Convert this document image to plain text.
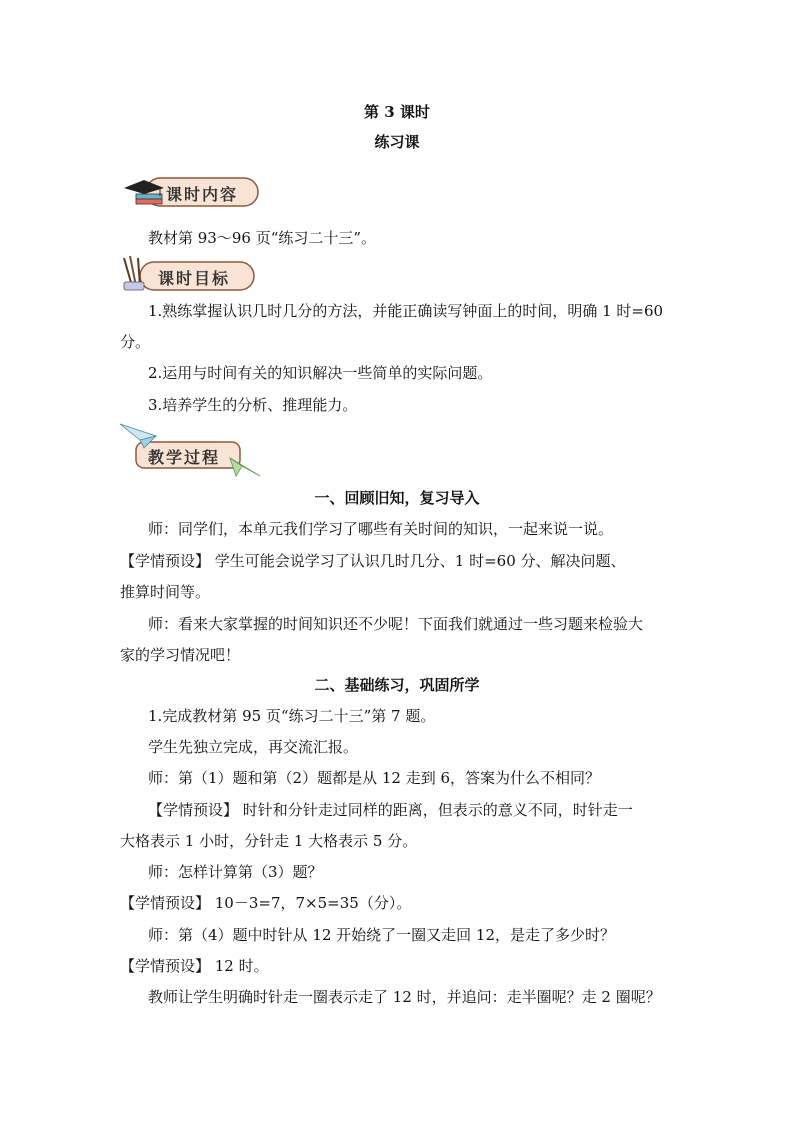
第 3 课时
练习课
课时内容
教材第 93～96 页“练习二十三”。
课时目标
1.熟练掌握认识几时几分的方法，并能正确读写钟面上的时间，明确 1 时=60
分。
2.运用与时间有关的知识解决一些简单的实际问题。
3.培养学生的分析、推理能力。
教学过程
一、回顾旧知，复习导入
师：同学们，本单元我们学习了哪些有关时间的知识，一起来说一说。
【学情预设】 学生可能会说学习了认识几时几分、1 时=60 分、解决问题、
推算时间等。
师：看来大家掌握的时间知识还不少呢！下面我们就通过一些习题来检验大
家的学习情况吧！
二、基础练习，巩固所学
1.完成教材第 95 页“练习二十三”第 7 题。
学生先独立完成，再交流汇报。
师：第（1）题和第（2）题都是从 12 走到 6，答案为什么不相同？
【学情预设】 时针和分针走过同样的距离，但表示的意义不同，时针走一
大格表示 1 小时，分针走 1 大格表示 5 分。
师：怎样计算第（3）题？
【学情预设】 10－3=7，7×5=35（分）。
师：第（4）题中时针从 12 开始绕了一圈又走回 12，是走了多少时？
【学情预设】 12 时。
教师让学生明确时针走一圈表示走了 12 时，并追问：走半圈呢？走 2 圈呢？
